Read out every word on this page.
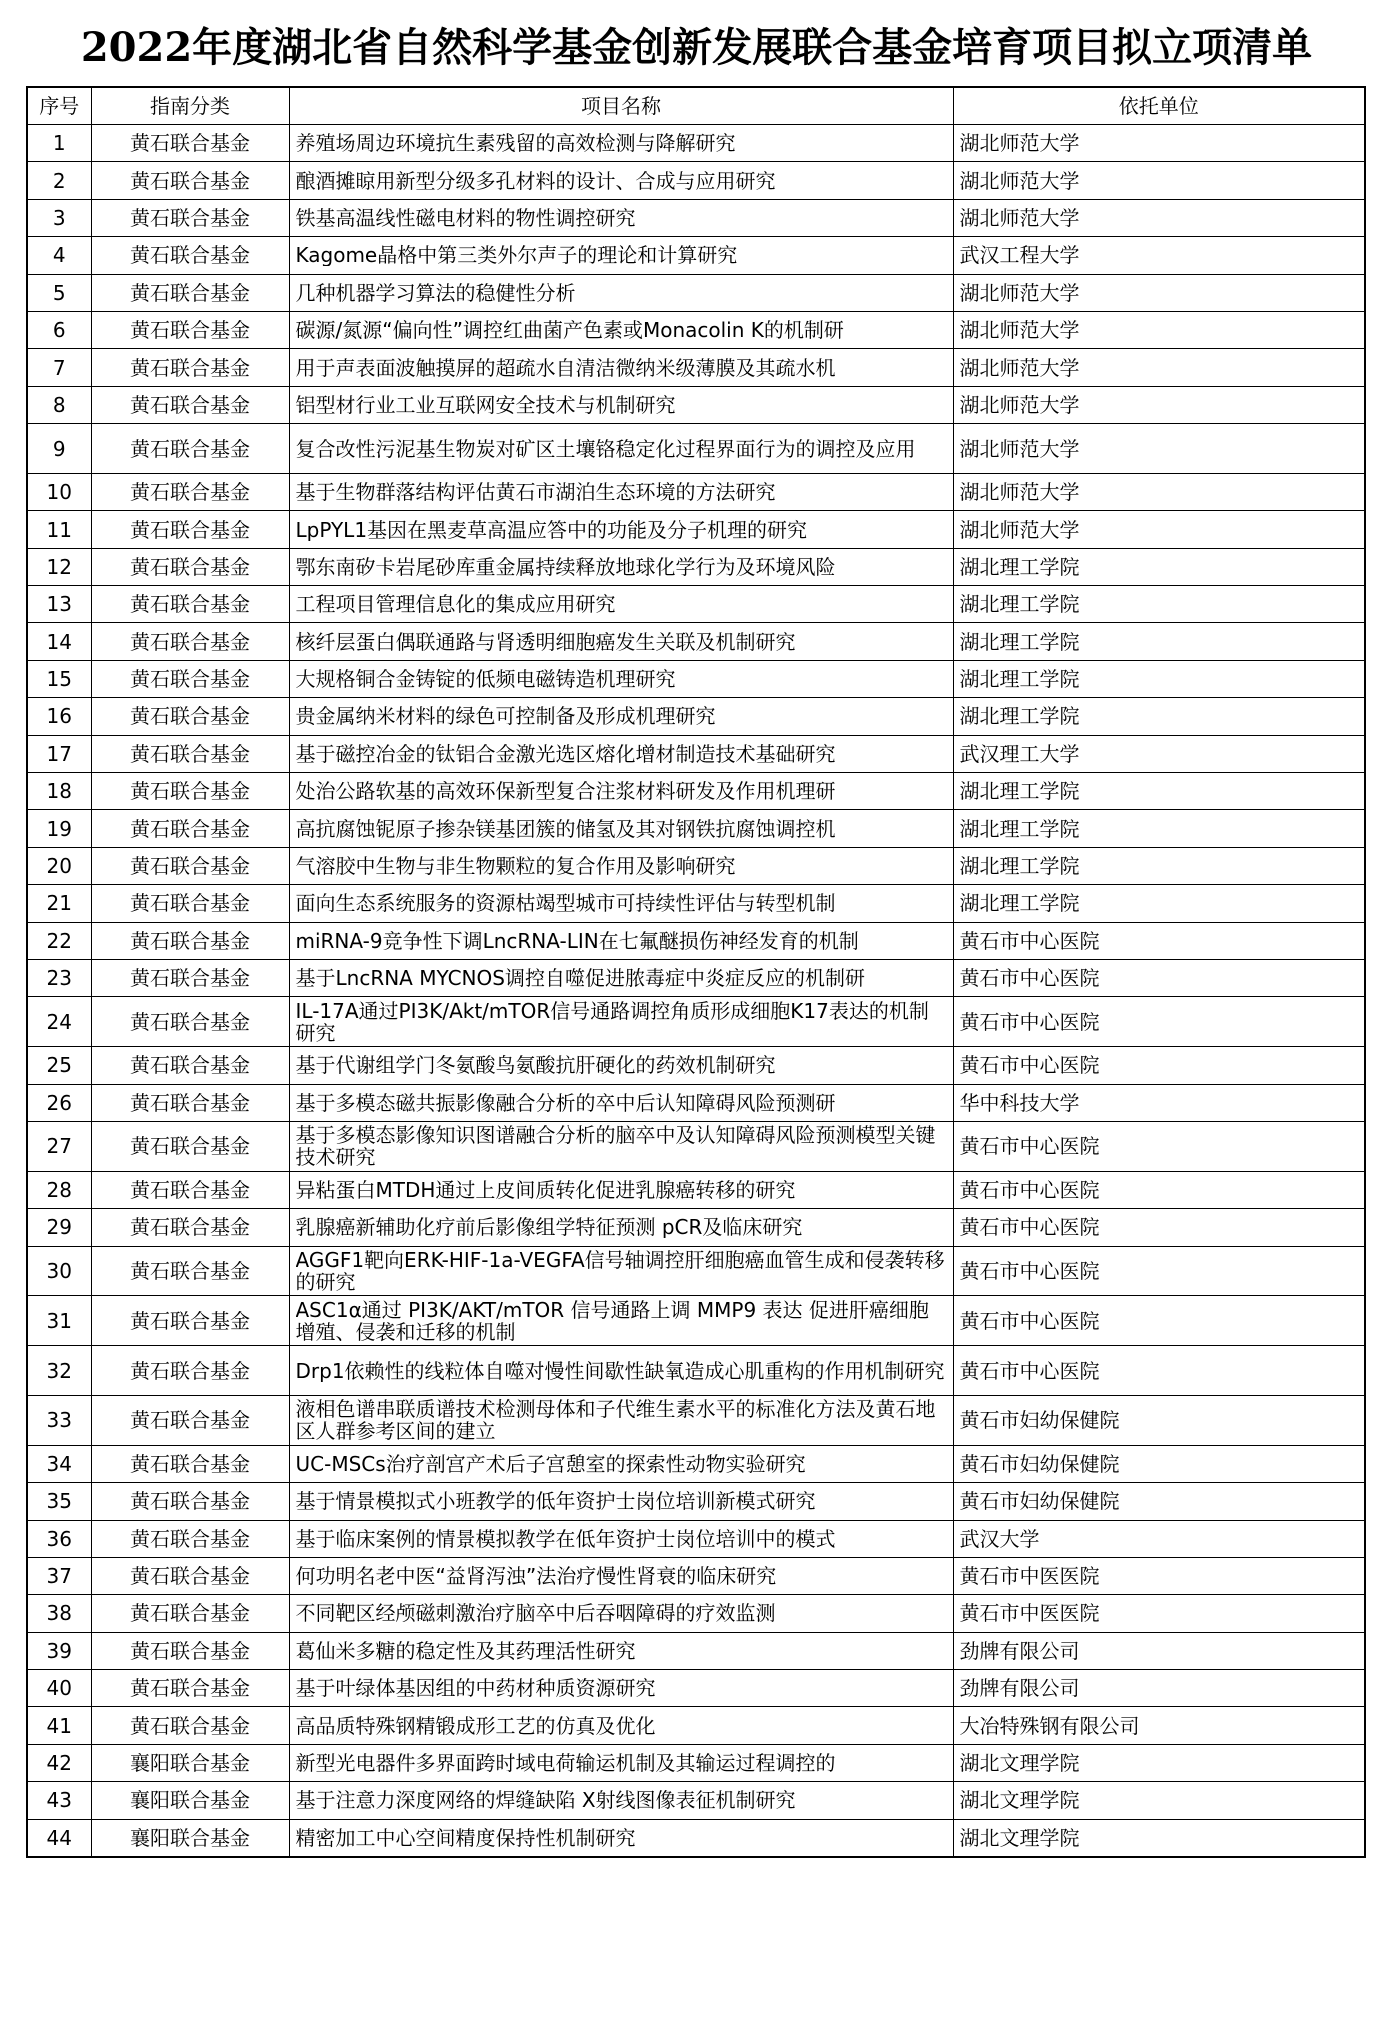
2022年度湖北省自然科学基金创新发展联合基金培育项目拟立项清单
序号	指南分类	项目名称	依托单位

1	黄石联合基金	养殖场周边环境抗生素残留的高效检测与降解研究	湖北师范大学

2	黄石联合基金	酿酒摊晾用新型分级多孔材料的设计、合成与应用研究	湖北师范大学

3	黄石联合基金	铁基高温线性磁电材料的物性调控研究	湖北师范大学

4	黄石联合基金	Kagome晶格中第三类外尔声子的理论和计算研究	武汉工程大学

5	黄石联合基金	几种机器学习算法的稳健性分析	湖北师范大学

6	黄石联合基金	碳源/氮源“偏向性”调控红曲菌产色素或Monacolin K的机制研	湖北师范大学

7	黄石联合基金	用于声表面波触摸屏的超疏水自清洁微纳米级薄膜及其疏水机	湖北师范大学

8	黄石联合基金	铝型材行业工业互联网安全技术与机制研究	湖北师范大学

9	黄石联合基金	复合改性污泥基生物炭对矿区土壤铬稳定化过程界面行为的调控及应用	湖北师范大学

10	黄石联合基金	基于生物群落结构评估黄石市湖泊生态环境的方法研究	湖北师范大学

11	黄石联合基金	LpPYL1基因在黑麦草高温应答中的功能及分子机理的研究	湖北师范大学

12	黄石联合基金	鄂东南矽卡岩尾砂库重金属持续释放地球化学行为及环境风险	湖北理工学院

13	黄石联合基金	工程项目管理信息化的集成应用研究	湖北理工学院

14	黄石联合基金	核纤层蛋白偶联通路与肾透明细胞癌发生关联及机制研究	湖北理工学院

15	黄石联合基金	大规格铜合金铸锭的低频电磁铸造机理研究	湖北理工学院

16	黄石联合基金	贵金属纳米材料的绿色可控制备及形成机理研究	湖北理工学院

17	黄石联合基金	基于磁控冶金的钛铝合金激光选区熔化增材制造技术基础研究	武汉理工大学

18	黄石联合基金	处治公路软基的高效环保新型复合注浆材料研发及作用机理研	湖北理工学院

19	黄石联合基金	高抗腐蚀铌原子掺杂镁基团簇的储氢及其对钢铁抗腐蚀调控机	湖北理工学院

20	黄石联合基金	气溶胶中生物与非生物颗粒的复合作用及影响研究	湖北理工学院

21	黄石联合基金	面向生态系统服务的资源枯竭型城市可持续性评估与转型机制	湖北理工学院

22	黄石联合基金	miRNA-9竞争性下调LncRNA-LIN在七氟醚损伤神经发育的机制	黄石市中心医院

23	黄石联合基金	基于LncRNA MYCNOS调控自噬促进脓毒症中炎症反应的机制研	黄石市中心医院

24	黄石联合基金	IL-17A通过PI3K/Akt/mTOR信号通路调控角质形成细胞K17表达的机制研究	黄石市中心医院

25	黄石联合基金	基于代谢组学门冬氨酸鸟氨酸抗肝硬化的药效机制研究	黄石市中心医院

26	黄石联合基金	基于多模态磁共振影像融合分析的卒中后认知障碍风险预测研	华中科技大学

27	黄石联合基金	基于多模态影像知识图谱融合分析的脑卒中及认知障碍风险预测模型关键技术研究	黄石市中心医院

28	黄石联合基金	异粘蛋白MTDH通过上皮间质转化促进乳腺癌转移的研究	黄石市中心医院

29	黄石联合基金	乳腺癌新辅助化疗前后影像组学特征预测 pCR及临床研究	黄石市中心医院

30	黄石联合基金	AGGF1靶向ERK-HIF-1a-VEGFA信号轴调控肝细胞癌血管生成和侵袭转移的研究	黄石市中心医院

31	黄石联合基金	ASC1α通过 PI3K/AKT/mTOR 信号通路上调 MMP9 表达 促进肝癌细胞增殖、侵袭和迁移的机制	黄石市中心医院

32	黄石联合基金	Drp1依赖性的线粒体自噬对慢性间歇性缺氧造成心肌重构的作用机制研究	黄石市中心医院

33	黄石联合基金	液相色谱串联质谱技术检测母体和子代维生素水平的标准化方法及黄石地区人群参考区间的建立	黄石市妇幼保健院

34	黄石联合基金	UC-MSCs治疗剖宫产术后子宫憩室的探索性动物实验研究	黄石市妇幼保健院

35	黄石联合基金	基于情景模拟式小班教学的低年资护士岗位培训新模式研究	黄石市妇幼保健院

36	黄石联合基金	基于临床案例的情景模拟教学在低年资护士岗位培训中的模式	武汉大学

37	黄石联合基金	何功明名老中医“益肾泻浊”法治疗慢性肾衰的临床研究	黄石市中医医院

38	黄石联合基金	不同靶区经颅磁刺激治疗脑卒中后吞咽障碍的疗效监测	黄石市中医医院

39	黄石联合基金	葛仙米多糖的稳定性及其药理活性研究	劲牌有限公司

40	黄石联合基金	基于叶绿体基因组的中药材种质资源研究	劲牌有限公司

41	黄石联合基金	高品质特殊钢精锻成形工艺的仿真及优化	大冶特殊钢有限公司

42	襄阳联合基金	新型光电器件多界面跨时域电荷输运机制及其输运过程调控的	湖北文理学院

43	襄阳联合基金	基于注意力深度网络的焊缝缺陷 X射线图像表征机制研究	湖北文理学院

44	襄阳联合基金	精密加工中心空间精度保持性机制研究	湖北文理学院
